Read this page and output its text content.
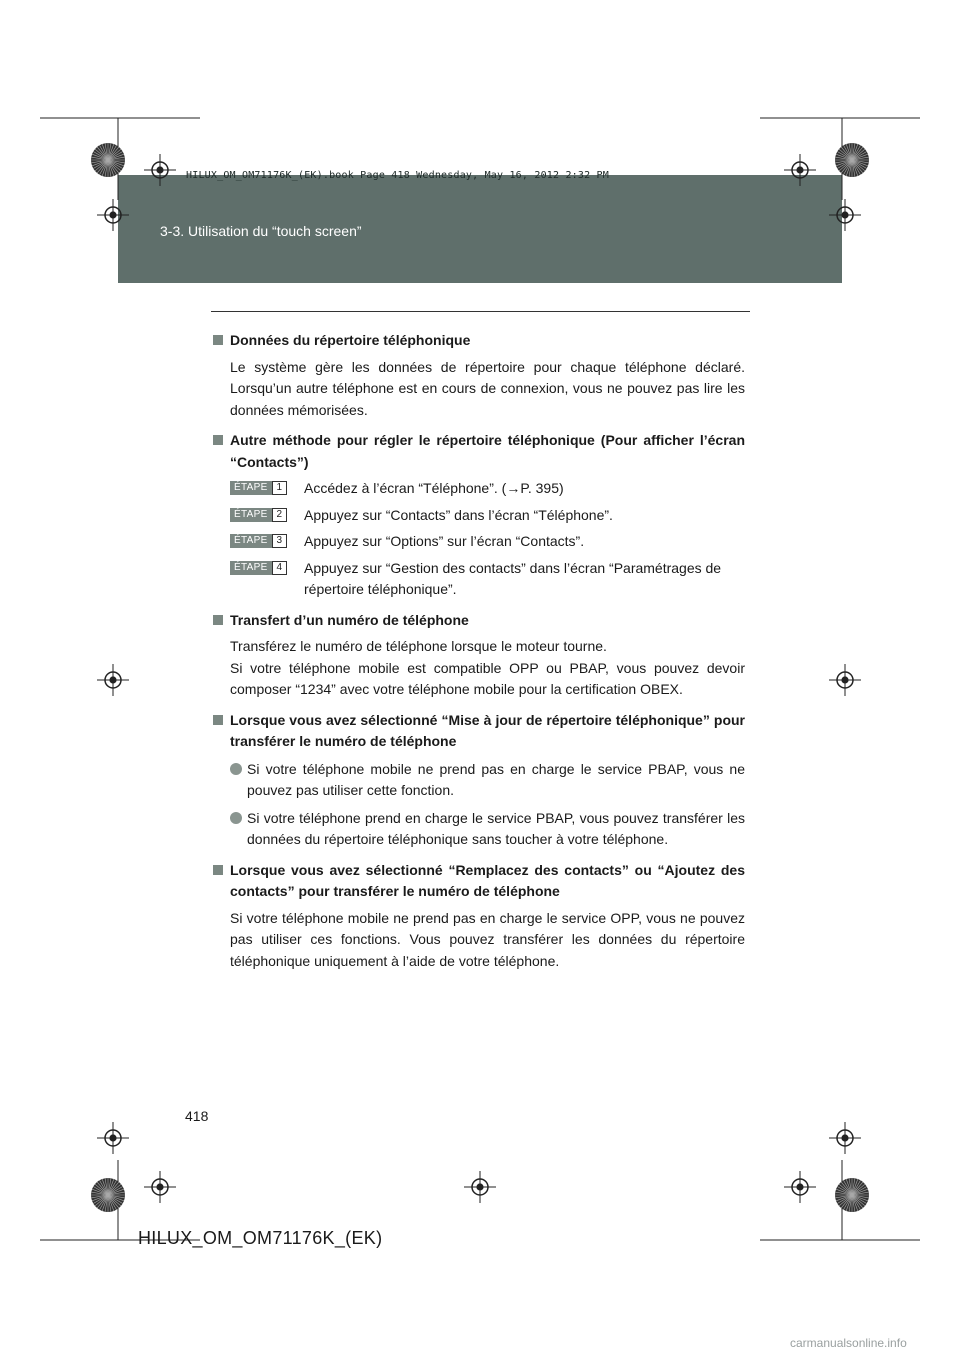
HILUX_OM_OM71176K_(EK).book Page 418 Wednesday, May 16, 2012 2:32 PM
3-3. Utilisation du “touch screen”

Données du répertoire téléphonique

Le système gère les données de répertoire pour chaque téléphone déclaré. Lorsqu’un autre téléphone est en cours de connexion, vous ne pouvez pas lire les données mémorisées.

Autre méthode pour régler le répertoire téléphonique (Pour afficher l’écran “Contacts”)

ÉTAPE 1	Accédez à l’écran “Téléphone”. (→P. 395)
ÉTAPE 2	Appuyez sur “Contacts” dans l’écran “Téléphone”.
ÉTAPE 3	Appuyez sur “Options” sur l’écran “Contacts”.
ÉTAPE 4	Appuyez sur “Gestion des contacts” dans l’écran “Paramétrages de répertoire téléphonique”.

Transfert d’un numéro de téléphone

Transférez le numéro de téléphone lorsque le moteur tourne.

Si votre téléphone mobile est compatible OPP ou PBAP, vous pouvez devoir composer “1234” avec votre téléphone mobile pour la certification OBEX.

Lorsque vous avez sélectionné “Mise à jour de répertoire téléphonique” pour transférer le numéro de téléphone

Si votre téléphone mobile ne prend pas en charge le service PBAP, vous ne pouvez pas utiliser cette fonction.
Si votre téléphone prend en charge le service PBAP, vous pouvez transférer les données du répertoire téléphonique sans toucher à votre téléphone.

Lorsque vous avez sélectionné “Remplacez des contacts” ou “Ajoutez des contacts” pour transférer le numéro de téléphone

Si votre téléphone mobile ne prend pas en charge le service OPP, vous ne pouvez pas utiliser ces fonctions. Vous pouvez transférer les données du répertoire téléphonique uniquement à l’aide de votre téléphone.

418
HILUX_OM_OM71176K_(EK)
carmanualsonline.info
